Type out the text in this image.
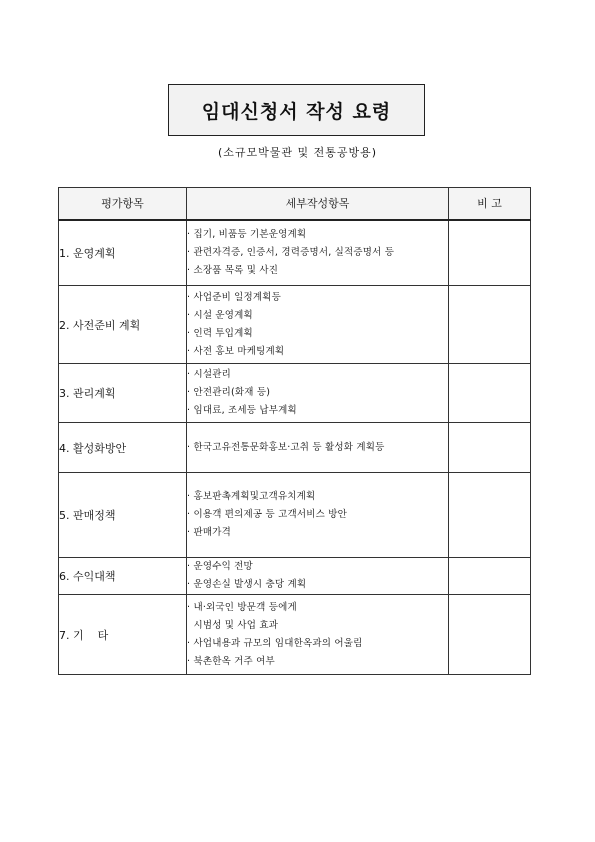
임대신청서 작성 요령
(소규모박물관 및 전통공방용)
평가항목	세부작성항목	비 고
1. 운영계획	· 집기, 비품등 기본운영계획
· 관련자격증, 인증서, 경력증명서, 실적증명서 등
· 소장품 목록 및 사진	

2. 사전준비 계획	· 사업준비 일정계획등
· 시설 운영계획
· 인력 투입계획
· 사전 홍보 마케팅계획	

3. 관리계획	· 시설관리
· 안전관리(화재 등)
· 임대료, 조세등 납부계획	

4. 활성화방안	· 한국고유전통문화홍보·고취 등 활성화 계획등	

5. 판매정책	· 홍보판촉계획및고객유치계획
· 이용객 편의제공 등 고객서비스 방안
· 판매가격	

6. 수익대책	· 운영수익 전망
· 운영손실 발생시 충당 계획	

7. 기    타	· 내·외국인 방문객 등에게
시범성 및 사업 효과
· 사업내용과 규모의 임대한옥과의 어울림
· 북촌한옥 거주 여부	
